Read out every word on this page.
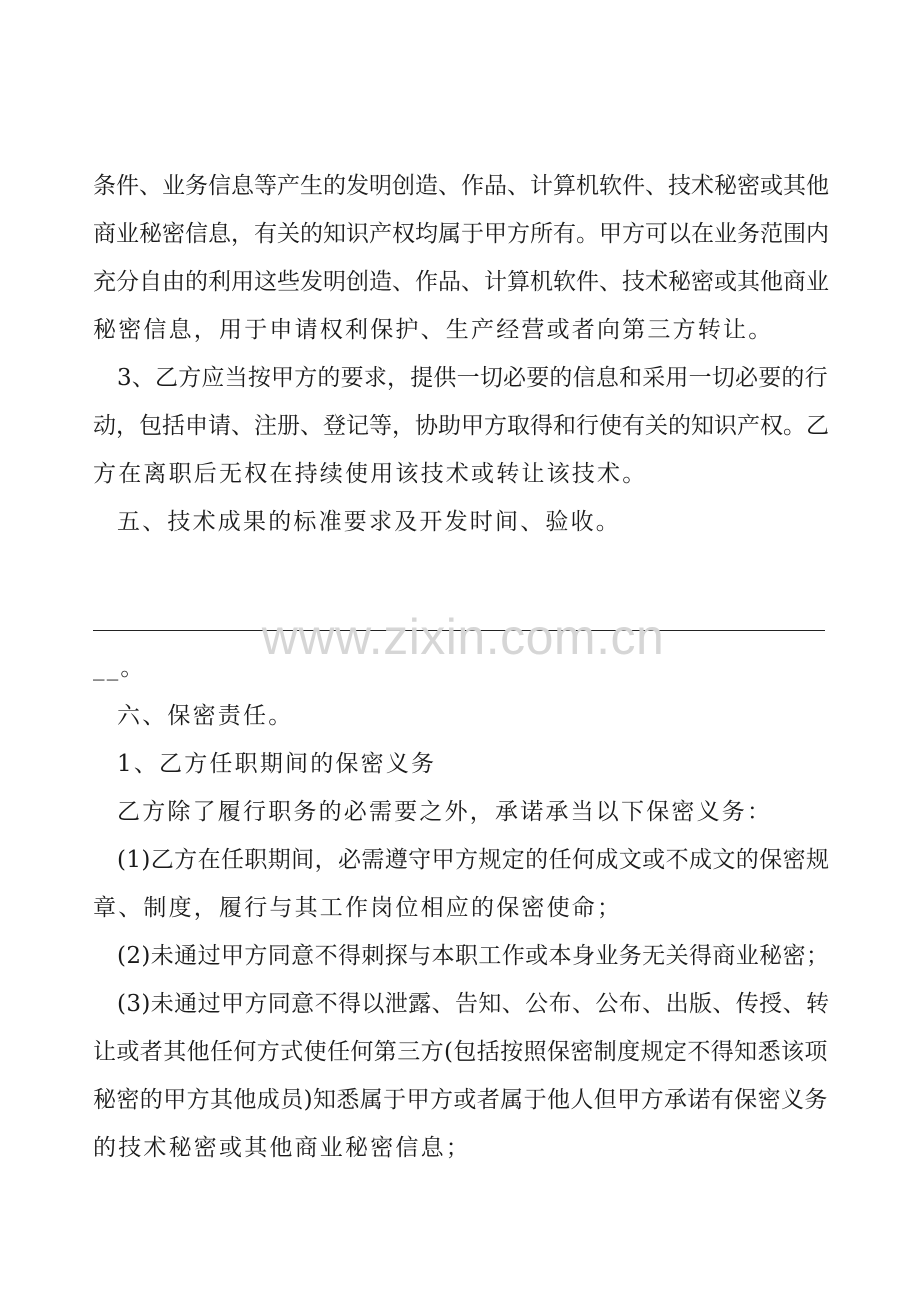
条件、业务信息等产生的发明创造、作品、计算机软件、技术秘密或其他

商业秘密信息，有关的知识产权均属于甲方所有。甲方可以在业务范围内

充分自由的利用这些发明创造、作品、计算机软件、技术秘密或其他商业

秘密信息，用于申请权利保护、生产经营或者向第三方转让。

3、乙方应当按甲方的要求，提供一切必要的信息和采用一切必要的行

动，包括申请、注册、登记等，协助甲方取得和行使有关的知识产权。乙

方在离职后无权在持续使用该技术或转让该技术。

五、技术成果的标准要求及开发时间、验收。

www.zixin.com.cn

__。

六、保密责任。

1、乙方任职期间的保密义务

乙方除了履行职务的必需要之外，承诺承当以下保密义务：

(1)乙方在任职期间，必需遵守甲方规定的任何成文或不成文的保密规

章、制度，履行与其工作岗位相应的保密使命；

(2)未通过甲方同意不得刺探与本职工作或本身业务无关得商业秘密；

(3)未通过甲方同意不得以泄露、告知、公布、公布、出版、传授、转

让或者其他任何方式使任何第三方(包括按照保密制度规定不得知悉该项

秘密的甲方其他成员)知悉属于甲方或者属于他人但甲方承诺有保密义务

的技术秘密或其他商业秘密信息；
